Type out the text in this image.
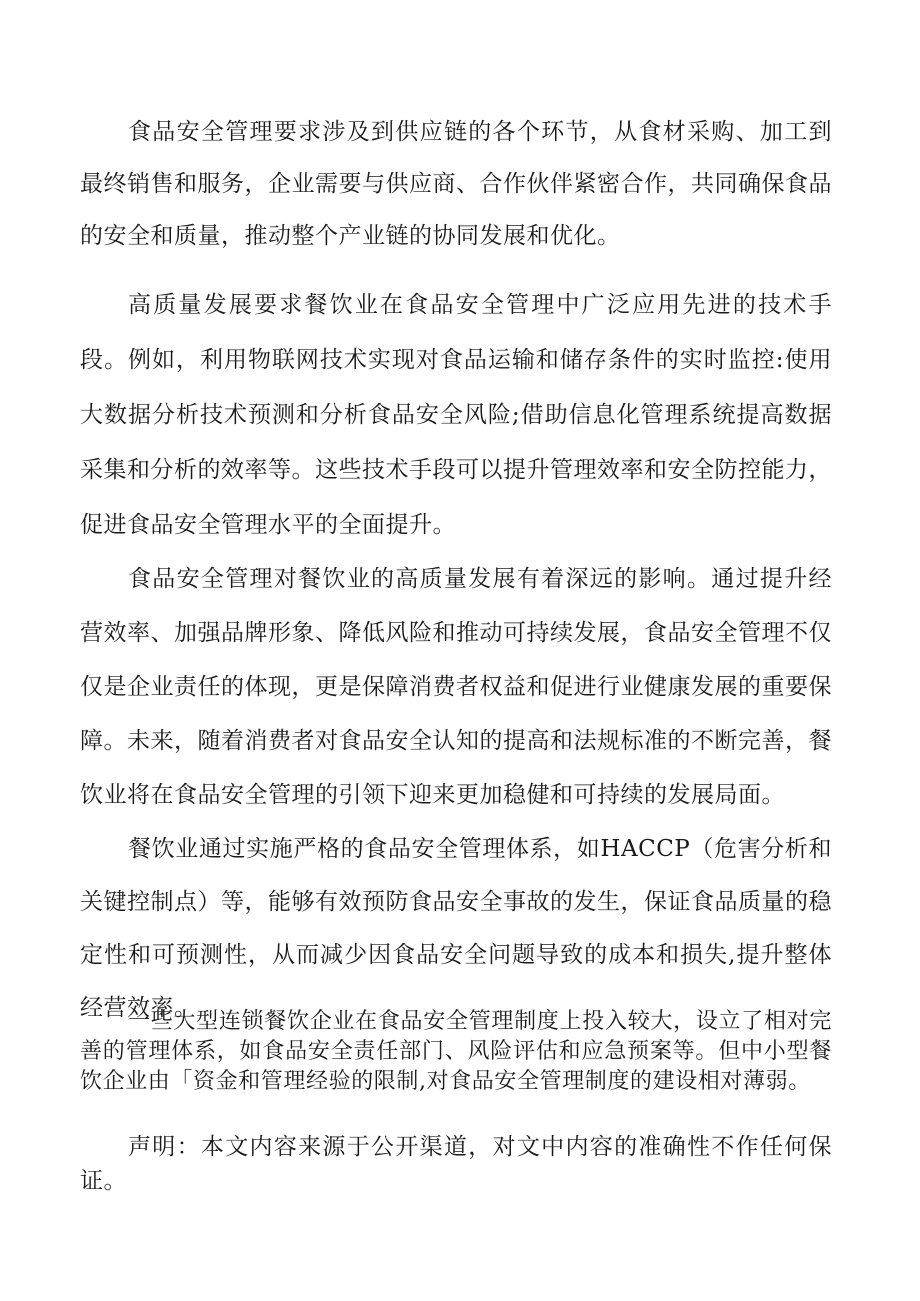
食品安全管理要求涉及到供应链的各个环节，从食材采购、加工到最终销售和服务，企业需要与供应商、合作伙伴紧密合作，共同确保食品的安全和质量，推动整个产业链的协同发展和优化。

高质量发展要求餐饮业在食品安全管理中广泛应用先进的技术手段。例如，利用物联网技术实现对食品运输和储存条件的实时监控:使用大数据分析技术预测和分析食品安全风险;借助信息化管理系统提高数据采集和分析的效率等。这些技术手段可以提升管理效率和安全防控能力，促进食品安全管理水平的全面提升。

食品安全管理对餐饮业的高质量发展有着深远的影响。通过提升经营效率、加强品牌形象、降低风险和推动可持续发展，食品安全管理不仅仅是企业责任的体现，更是保障消费者权益和促进行业健康发展的重要保障。未来，随着消费者对食品安全认知的提高和法规标准的不断完善，餐饮业将在食品安全管理的引领下迎来更加稳健和可持续的发展局面。

餐饮业通过实施严格的食品安全管理体系，如HACCP（危害分析和关键控制点）等，能够有效预防食品安全事故的发生，保证食品质量的稳定性和可预测性，从而减少因食品安全问题导致的成本和损失,提升整体经营效率。

一些大型连锁餐饮企业在食品安全管理制度上投入较大，设立了相对完善的管理体系，如食品安全责任部门、风险评估和应急预案等。但中小型餐饮企业由「资金和管理经验的限制,对食品安全管理制度的建设相对薄弱。

声明：本文内容来源于公开渠道，对文中内容的准确性不作任何保证。
